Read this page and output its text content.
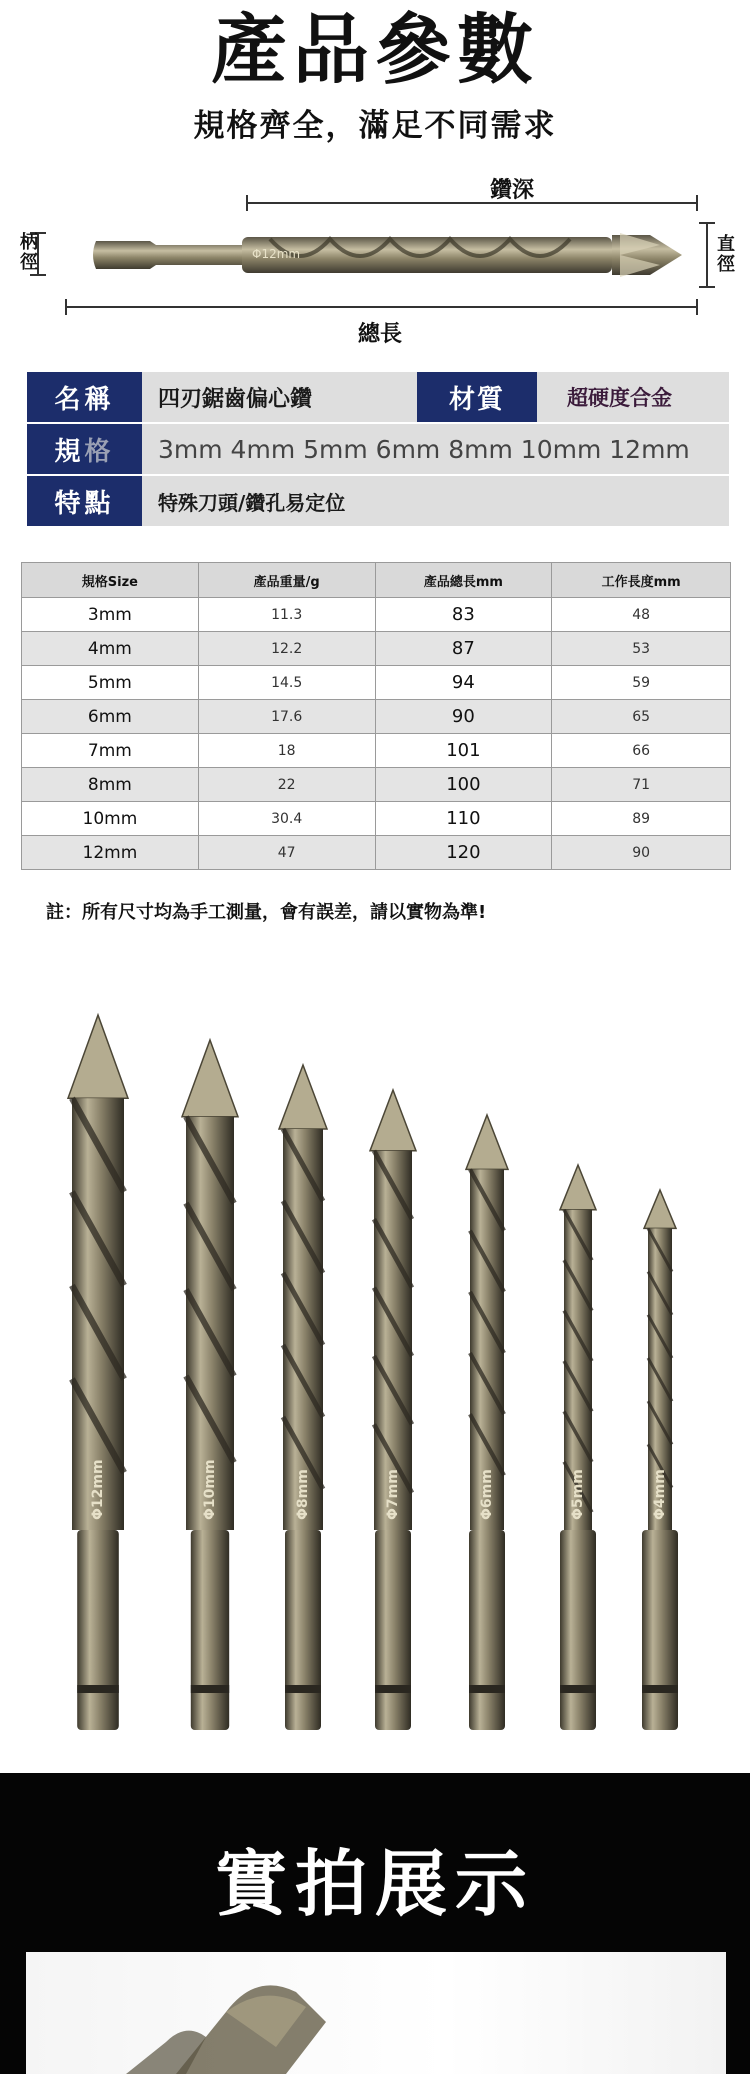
產品參數
規格齊全，滿足不同需求
鑽深
總長
柄徑
直徑
Φ12mm
名稱	四刃鋸齒偏心鑽	材質	超硬度合金
規 格	3mm 4mm 5mm 6mm 8mm 10mm 12mm
特點	特殊刀頭/鑽孔易定位
規格Size	產品重量/g	產品總長mm	工作長度mm
3mm	11.3	83	48
4mm	12.2	87	53
5mm	14.5	94	59
6mm	17.6	90	65
7mm	18	101	66
8mm	22	100	71
10mm	30.4	110	89
12mm	47	120	90
註：所有尺寸均為手工測量，會有誤差，請以實物為準!
Φ12mm	Φ10mm	Φ8mm	Φ7mm	Φ6mm	Φ5mm	Φ4mm
實拍展示
